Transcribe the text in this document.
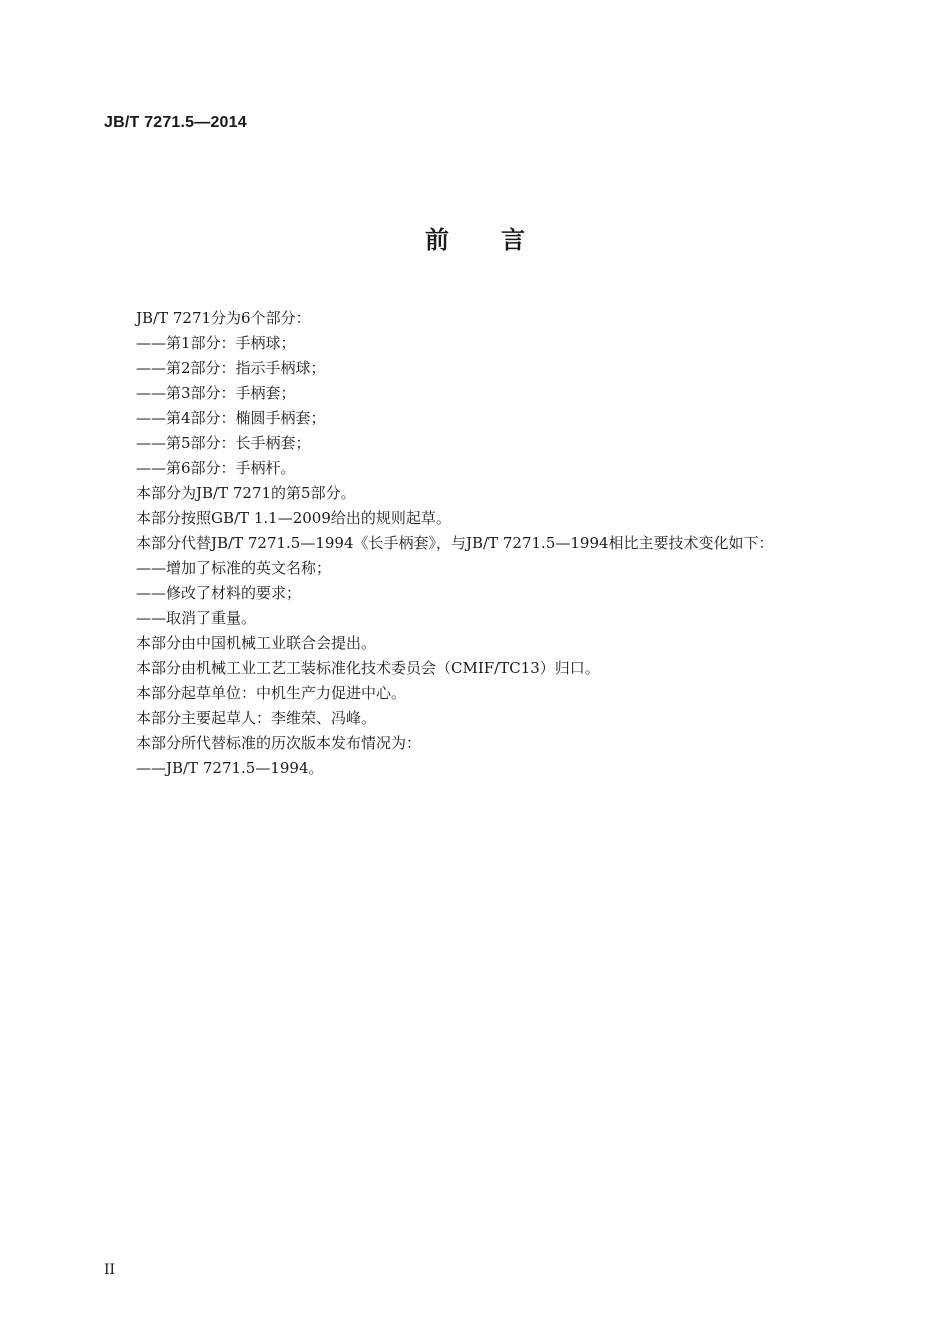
JB/T 7271.5—2014
前言
JB/T 7271分为6个部分：
——第1部分：手柄球；
——第2部分：指示手柄球；
——第3部分：手柄套；
——第4部分：椭圆手柄套；
——第5部分：长手柄套；
——第6部分：手柄杆。
本部分为JB/T 7271的第5部分。
本部分按照GB/T 1.1—2009给出的规则起草。
本部分代替JB/T 7271.5—1994《长手柄套》，与JB/T 7271.5—1994相比主要技术变化如下：
——增加了标准的英文名称；
——修改了材料的要求；
——取消了重量。
本部分由中国机械工业联合会提出。
本部分由机械工业工艺工装标准化技术委员会（CMIF/TC13）归口。
本部分起草单位：中机生产力促进中心。
本部分主要起草人：李维荣、冯峰。
本部分所代替标准的历次版本发布情况为：
——JB/T 7271.5—1994。
II
